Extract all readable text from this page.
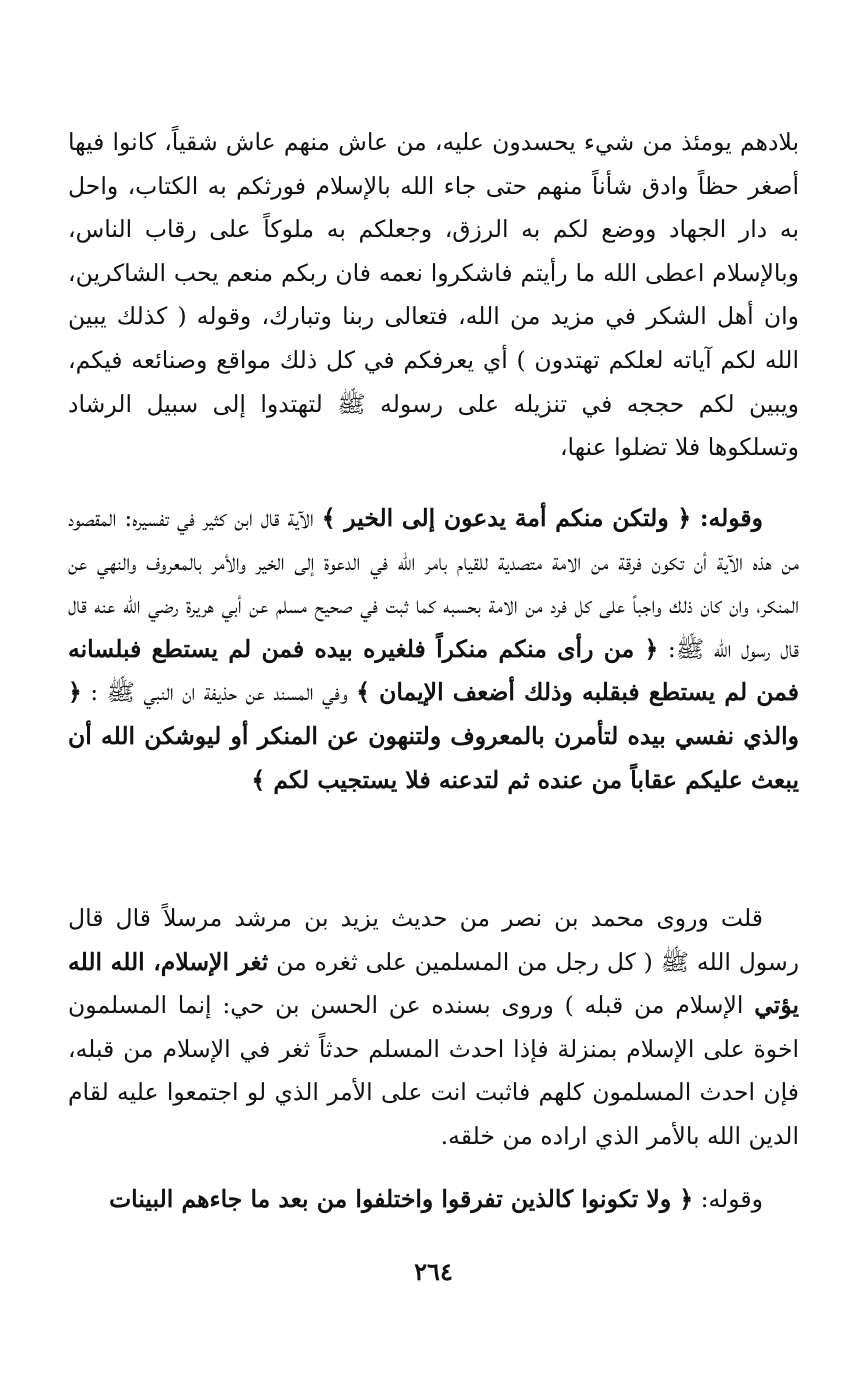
بلادهم يومئذ من شيء يحسدون عليه، من عاش منهم عاش شقياً، كانوا فيها أصغر حظاً وادق شأناً منهم حتى جاء الله بالإسلام فورثكم به الكتاب، واحل به دار الجهاد ووضع لكم به الرزق، وجعلكم به ملوكاً على رقاب الناس، وبالإسلام اعطى الله ما رأيتم فاشكروا نعمه فان ربكم منعم يحب الشاكرين، وان أهل الشكر في مزيد من الله، فتعالى ربنا وتبارك، وقوله ( كذلك يبين الله لكم آياته لعلكم تهتدون ) أي يعرفكم في كل ذلك مواقع وصنائعه فيكم، ويبين لكم حججه في تنزيله على رسوله ﷺ لتهتدوا إلى سبيل الرشاد وتسلكوها فلا تضلوا عنها،

وقوله: ﴿ ولتكن منكم أمة يدعون إلى الخير ﴾ الآية قال ابن كثير في تفسيره: المقصود من هذه الآية أن تكون فرقة من الامة متصدية للقيام بامر الله في الدعوة إلى الخير والأمر بالمعروف والنهي عن المنكر، وان كان ذلك واجباً على كل فرد من الامة بحسبه كما ثبت في صحيح مسلم عن أبي هريرة رضي الله عنه قال قال رسول الله ﷺ: ﴿ من رأى منكم منكراً فلغيره بيده فمن لم يستطع فبلسانه فمن لم يستطع فبقلبه وذلك أضعف الإيمان ﴾ وفي المسند عن حذيفة ان النبي ﷺ : ﴿ والذي نفسي بيده لتأمرن بالمعروف ولتنهون عن المنكر أو ليوشكن الله أن يبعث عليكم عقاباً من عنده ثم لتدعنه فلا يستجيب لكم ﴾

قلت وروى محمد بن نصر من حديث يزيد بن مرشد مرسلاً قال قال رسول الله ﷺ ( كل رجل من المسلمين على ثغره من ثغر الإسلام، الله الله يؤتي الإسلام من قبله ) وروى بسنده عن الحسن بن حي: إنما المسلمون اخوة على الإسلام بمنزلة فإذا احدث المسلم حدثاً ثغر في الإسلام من قبله، فإن احدث المسلمون كلهم فاثبت انت على الأمر الذي لو اجتمعوا عليه لقام الدين الله بالأمر الذي اراده من خلقه.

وقوله: ﴿ ولا تكونوا كالذين تفرقوا واختلفوا من بعد ما جاءهم البينات

٢٦٤
